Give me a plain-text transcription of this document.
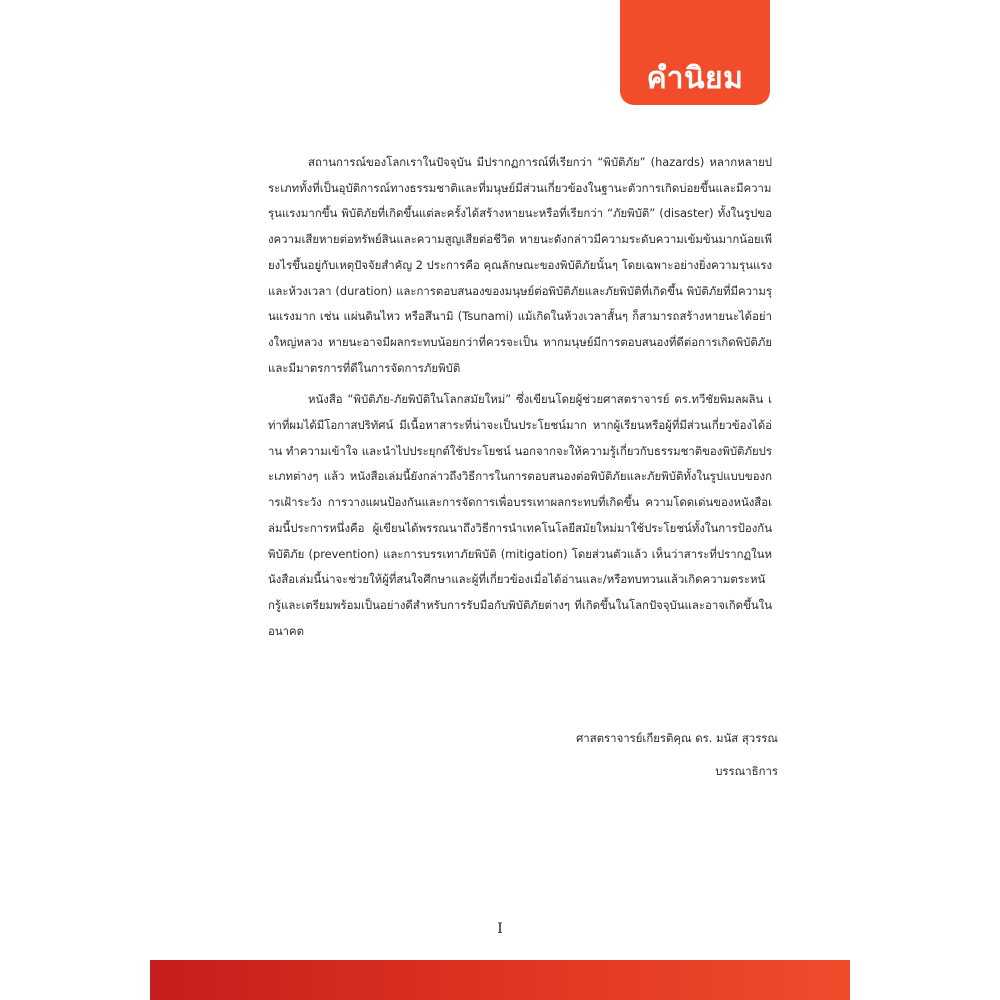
คำนิยม

สถานการณ์ของโลกเราในปัจจุบัน มีปรากฏการณ์ที่เรียกว่า “พิบัติภัย” (hazards) หลากหลายประเภททั้งที่เป็นอุบัติการณ์ทางธรรมชาติและที่มนุษย์มีส่วนเกี่ยวข้องในฐานะตัวการเกิดบ่อยขึ้นและมีความรุนแรงมากขึ้น พิบัติภัยที่เกิดขึ้นแต่ละครั้งได้สร้างหายนะหรือที่เรียกว่า “ภัยพิบัติ” (disaster) ทั้งในรูปของความเสียหายต่อทรัพย์สินและความสูญเสียต่อชีวิต หายนะดังกล่าวมีความระดับความเข้มข้นมากน้อยเพียงไรขึ้นอยู่กับเหตุปัจจัยสำคัญ 2 ประการคือ คุณลักษณะของพิบัติภัยนั้นๆ โดยเฉพาะอย่างยิ่งความรุนแรงและห้วงเวลา (duration) และการตอบสนองของมนุษย์ต่อพิบัติภัยและภัยพิบัติที่เกิดขึ้น พิบัติภัยที่มีความรุนแรงมาก เช่น แผ่นดินไหว หรือสึนามิ (Tsunami) แม้เกิดในห้วงเวลาสั้นๆ ก็สามารถสร้างหายนะได้อย่างใหญ่หลวง หายนะอาจมีผลกระทบน้อยกว่าที่ควรจะเป็น หากมนุษย์มีการตอบสนองที่ดีต่อการเกิดพิบัติภัย และมีมาตรการที่ดีในการจัดการภัยพิบัติ

หนังสือ “พิบัติภัย-ภัยพิบัติในโลกสมัยใหม่” ซึ่งเขียนโดยผู้ช่วยศาสตราจารย์ ดร.ทวีชัยพิมลผลิน เท่าที่ผมได้มีโอกาสปริทัศน์ มีเนื้อหาสาระที่น่าจะเป็นประโยชน์มาก หากผู้เรียนหรือผู้ที่มีส่วนเกี่ยวข้องได้อ่าน ทำความเข้าใจ และนำไปประยุกต์ใช้ประโยชน์ นอกจากจะให้ความรู้เกี่ยวกับธรรมชาติของพิบัติภัยประเภทต่างๆ แล้ว หนังสือเล่มนี้ยังกล่าวถึงวิธีการในการตอบสนองต่อพิบัติภัยและภัยพิบัติทั้งในรูปแบบของการเฝ้าระวัง การวางแผนป้องกันและการจัดการเพื่อบรรเทาผลกระทบที่เกิดขึ้น ความโดดเด่นของหนังสือเล่มนี้ประการหนึ่งคือ ผู้เขียนได้พรรณนาถึงวิธีการนำเทคโนโลยีสมัยใหม่มาใช้ประโยชน์ทั้งในการป้องกันพิบัติภัย (prevention) และการบรรเทาภัยพิบัติ (mitigation) โดยส่วนตัวแล้ว เห็นว่าสาระที่ปรากฏในหนังสือเล่มนี้น่าจะช่วยให้ผู้ที่สนใจศึกษาและผู้ที่เกี่ยวข้องเมื่อได้อ่านและ/หรือทบทวนแล้วเกิดความตระหนักรู้และเตรียมพร้อมเป็นอย่างดีสำหรับการรับมือกับพิบัติภัยต่างๆ ที่เกิดขึ้นในโลกปัจจุบันและอาจเกิดขึ้นในอนาคต

ศาสตราจารย์เกียรติคุณ ดร. มนัส สุวรรณ
บรรณาธิการ
I
